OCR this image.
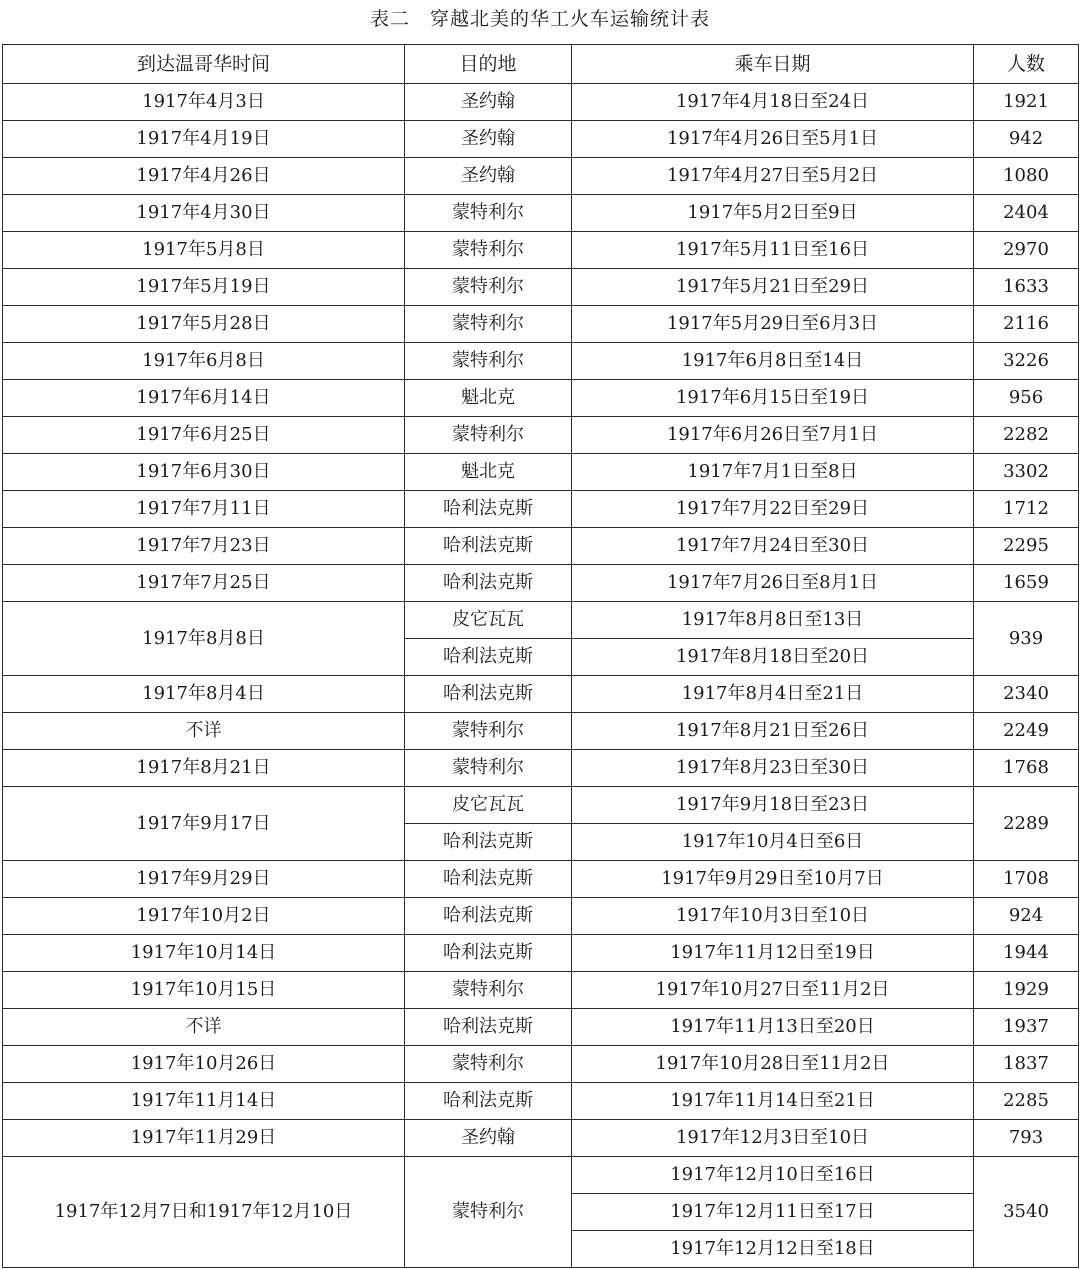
表二　穿越北美的华工火车运输统计表
到达温哥华时间	目的地	乘车日期	人数
1917年4月3日	圣约翰	1917年4月18日至24日	1921
1917年4月19日	圣约翰	1917年4月26日至5月1日	942
1917年4月26日	圣约翰	1917年4月27日至5月2日	1080
1917年4月30日	蒙特利尔	1917年5月2日至9日	2404
1917年5月8日	蒙特利尔	1917年5月11日至16日	2970
1917年5月19日	蒙特利尔	1917年5月21日至29日	1633
1917年5月28日	蒙特利尔	1917年5月29日至6月3日	2116
1917年6月8日	蒙特利尔	1917年6月8日至14日	3226
1917年6月14日	魁北克	1917年6月15日至19日	956
1917年6月25日	蒙特利尔	1917年6月26日至7月1日	2282
1917年6月30日	魁北克	1917年7月1日至8日	3302
1917年7月11日	哈利法克斯	1917年7月22日至29日	1712
1917年7月23日	哈利法克斯	1917年7月24日至30日	2295
1917年7月25日	哈利法克斯	1917年7月26日至8月1日	1659
1917年8月8日	皮它瓦瓦	1917年8月8日至13日	939
	哈利法克斯	1917年8月18日至20日	
1917年8月4日	哈利法克斯	1917年8月4日至21日	2340
不详	蒙特利尔	1917年8月21日至26日	2249
1917年8月21日	蒙特利尔	1917年8月23日至30日	1768
1917年9月17日	皮它瓦瓦	1917年9月18日至23日	2289
	哈利法克斯	1917年10月4日至6日	
1917年9月29日	哈利法克斯	1917年9月29日至10月7日	1708
1917年10月2日	哈利法克斯	1917年10月3日至10日	924
1917年10月14日	哈利法克斯	1917年11月12日至19日	1944
1917年10月15日	蒙特利尔	1917年10月27日至11月2日	1929
不详	哈利法克斯	1917年11月13日至20日	1937
1917年10月26日	蒙特利尔	1917年10月28日至11月2日	1837
1917年11月14日	哈利法克斯	1917年11月14日至21日	2285
1917年11月29日	圣约翰	1917年12月3日至10日	793
1917年12月7日和1917年12月10日	蒙特利尔	1917年12月10日至16日	3540
		1917年12月11日至17日	
		1917年12月12日至18日	
